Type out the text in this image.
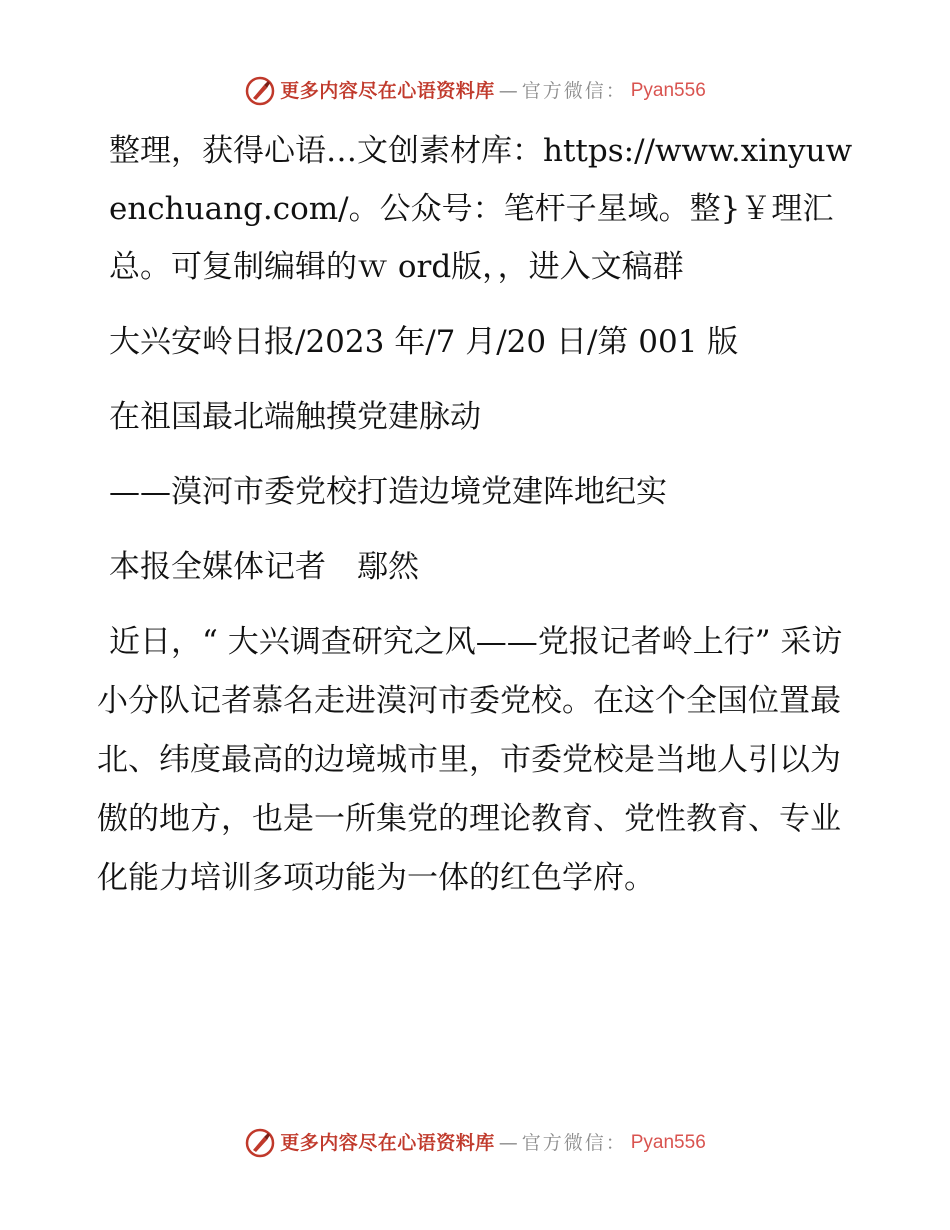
更多内容尽在心语资料库 — 官方微信： Pyan556

整理，获得心语…文创素材库：https://www.xinyuwenchuang.com/。公众号：笔杆子星域。整}￥理汇总。可复制编辑的ｗ ord版，，进入文稿群

大兴安岭日报/2023 年/7 月/20 日/第 001 版

在祖国最北端触摸党建脉动

——漠河市委党校打造边境党建阵地纪实

本报全媒体记者　鄢然

近日，“ 大兴调查研究之风——党报记者岭上行” 采访小分队记者慕名走进漠河市委党校。在这个全国位置最北、纬度最高的边境城市里，市委党校是当地人引以为傲的地方，也是一所集党的理论教育、党性教育、专业化能力培训多项功能为一体的红色学府。

更多内容尽在心语资料库 — 官方微信： Pyan556
